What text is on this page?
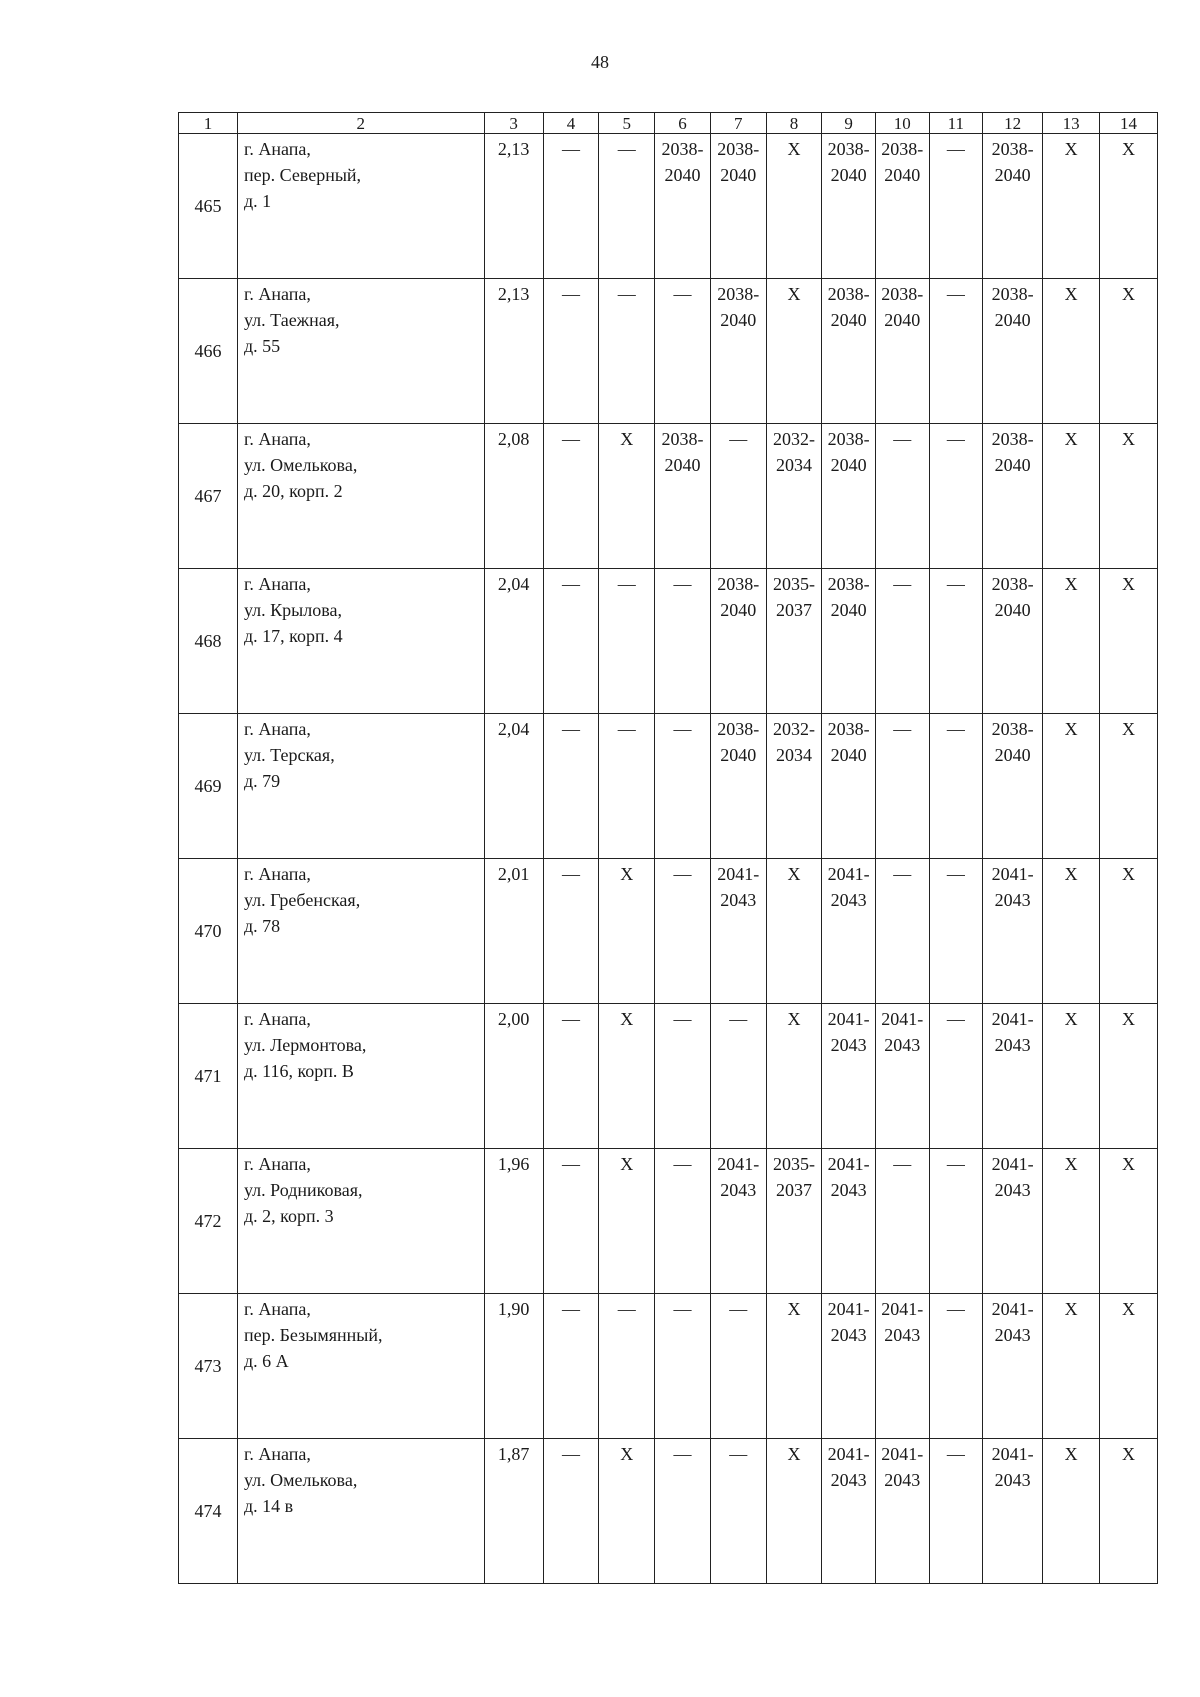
48
1	2	3	4	5	6	7	8	9	10	11	12	13	14
465	г. Анапа,
пер. Северный,
д. 1	2,13	—	—	2038-
2040	2038-
2040	X	2038-
2040	2038-
2040	—	2038-
2040	X	X

466	г. Анапа,
ул. Таежная,
д. 55	2,13	—	—	—	2038-
2040	X	2038-
2040	2038-
2040	—	2038-
2040	X	X

467	г. Анапа,
ул. Омелькова,
д. 20, корп. 2	2,08	—	X	2038-
2040	—	2032-
2034	2038-
2040	—	—	2038-
2040	X	X

468	г. Анапа,
ул. Крылова,
д. 17, корп. 4	2,04	—	—	—	2038-
2040	2035-
2037	2038-
2040	—	—	2038-
2040	X	X

469	г. Анапа,
ул. Терская,
д. 79	2,04	—	—	—	2038-
2040	2032-
2034	2038-
2040	—	—	2038-
2040	X	X

470	г. Анапа,
ул. Гребенская,
д. 78	2,01	—	X	—	2041-
2043	X	2041-
2043	—	—	2041-
2043	X	X

471	г. Анапа,
ул. Лермонтова,
д. 116, корп. В	2,00	—	X	—	—	X	2041-
2043	2041-
2043	—	2041-
2043	X	X

472	г. Анапа,
ул. Родниковая,
д. 2, корп. 3	1,96	—	X	—	2041-
2043	2035-
2037	2041-
2043	—	—	2041-
2043	X	X

473	г. Анапа,
пер. Безымянный,
д. 6 А	1,90	—	—	—	—	X	2041-
2043	2041-
2043	—	2041-
2043	X	X

474	г. Анапа,
ул. Омелькова,
д. 14 в	1,87	—	X	—	—	X	2041-
2043	2041-
2043	—	2041-
2043	X	X
